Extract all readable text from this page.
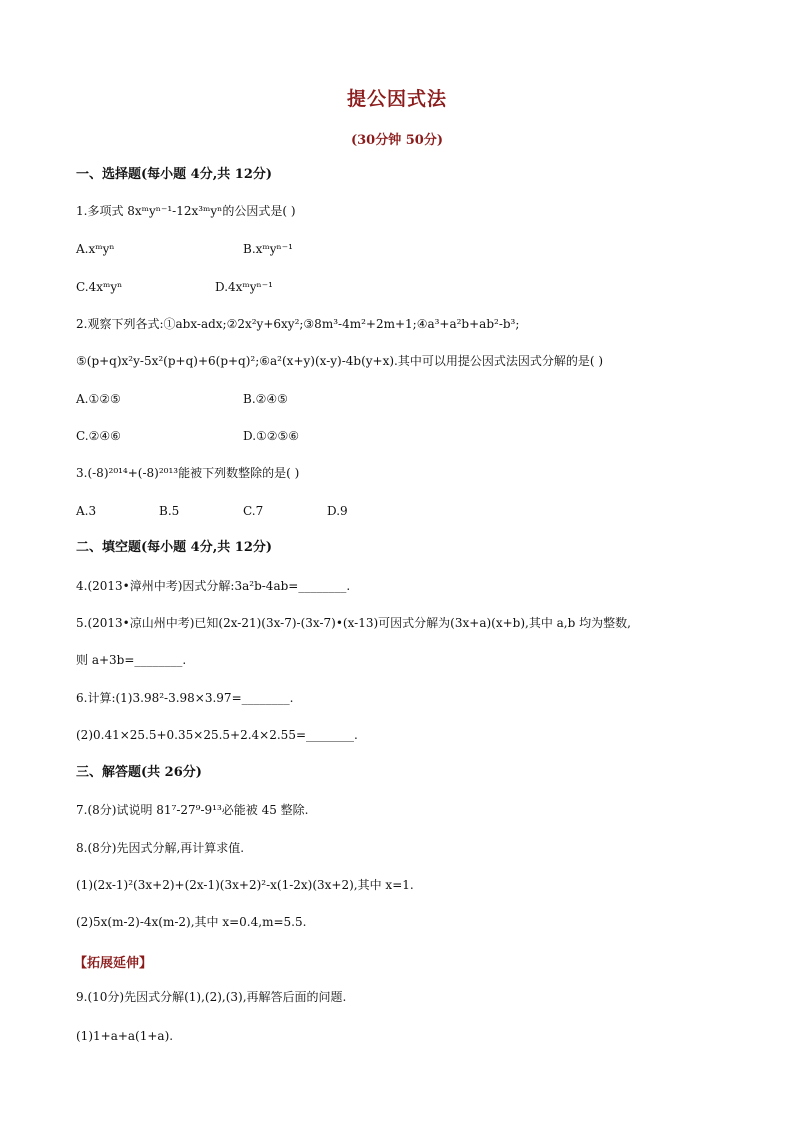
提公因式法
(30分钟 50分)
一、选择题(每小题 4分,共 12分)
1.多项式 8xᵐyⁿ⁻¹-12x³ᵐyⁿ的公因式是( )
A.xᵐyⁿ	B.xᵐyⁿ⁻¹
C.4xᵐyⁿ	D.4xᵐyⁿ⁻¹
2.观察下列各式:①abx-adx;②2x²y+6xy²;③8m³-4m²+2m+1;④a³+a²b+ab²-b³;
⑤(p+q)x²y-5x²(p+q)+6(p+q)²;⑥a²(x+y)(x-y)-4b(y+x).其中可以用提公因式法因式分解的是( )
A.①②⑤	B.②④⑤
C.②④⑥	D.①②⑤⑥
3.(-8)²⁰¹⁴+(-8)²⁰¹³能被下列数整除的是( )
A.3	B.5	C.7	D.9
二、填空题(每小题 4分,共 12分)
4.(2013•漳州中考)因式分解:3a²b-4ab=________.
5.(2013•凉山州中考)已知(2x-21)(3x-7)-(3x-7)•(x-13)可因式分解为(3x+a)(x+b),其中 a,b 均为整数,
则 a+3b=________.
6.计算:(1)3.98²-3.98×3.97=________.
(2)0.41×25.5+0.35×25.5+2.4×2.55=________.
三、解答题(共 26分)
7.(8分)试说明 81⁷-27⁹-9¹³必能被 45 整除.
8.(8分)先因式分解,再计算求值.
(1)(2x-1)²(3x+2)+(2x-1)(3x+2)²-x(1-2x)(3x+2),其中 x=1.
(2)5x(m-2)-4x(m-2),其中 x=0.4,m=5.5.
【拓展延伸】
9.(10分)先因式分解(1),(2),(3),再解答后面的问题.
(1)1+a+a(1+a).
